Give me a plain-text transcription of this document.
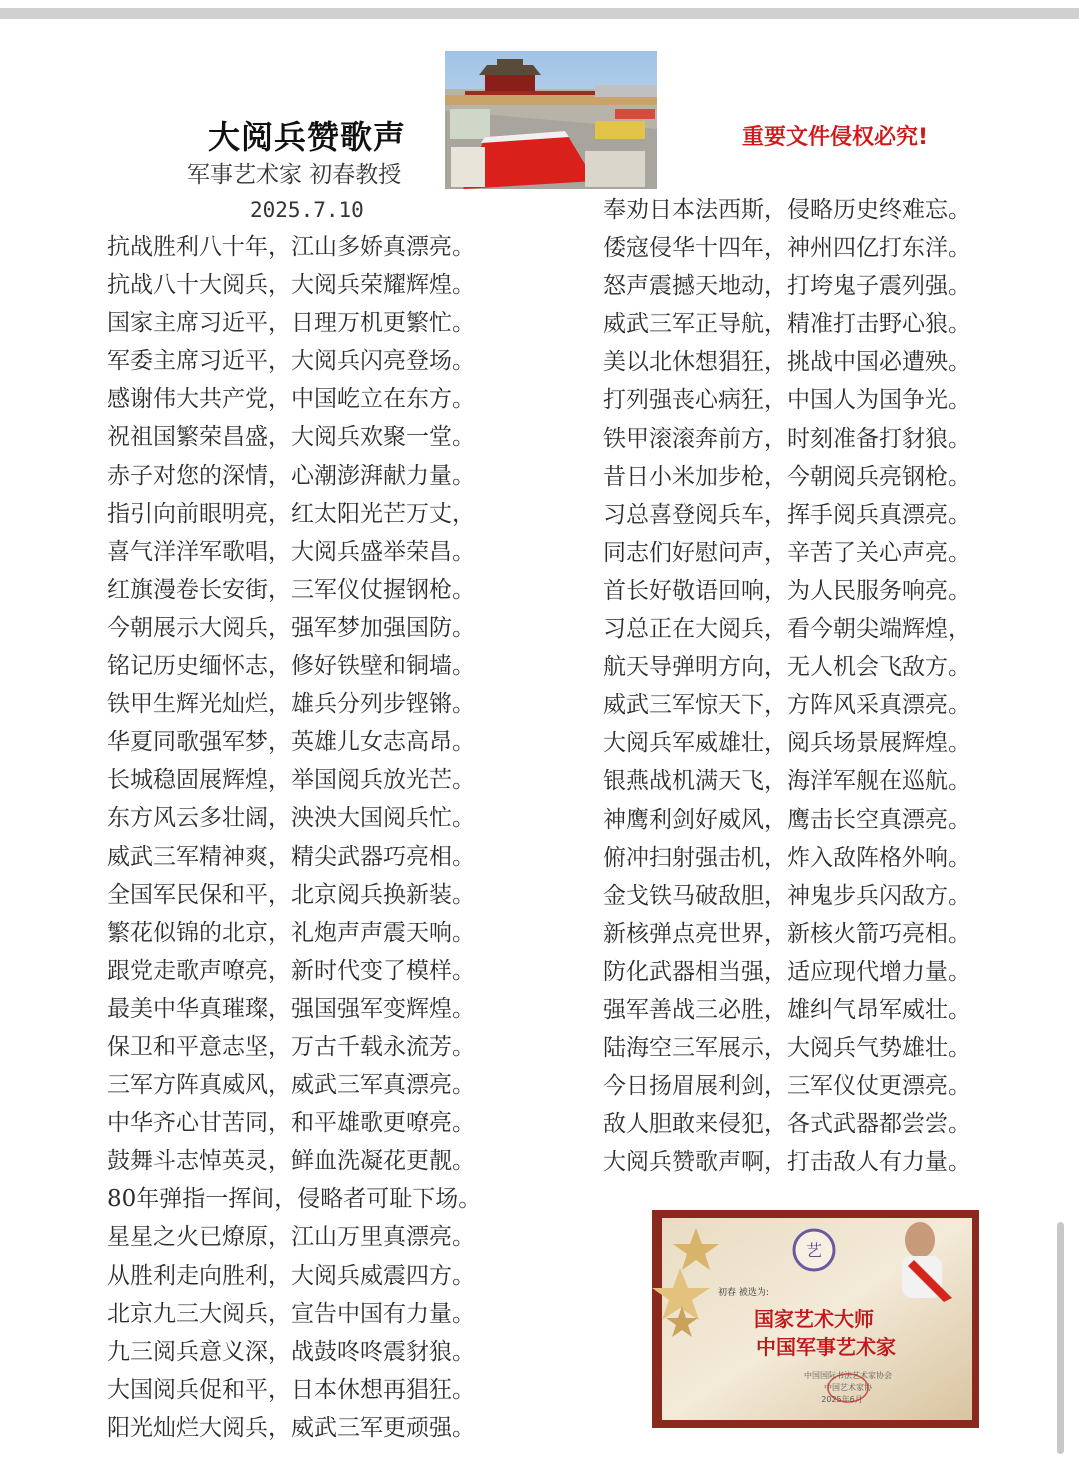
大阅兵赞歌声
军事艺术家 初春教授
2025.7.10
重要文件侵权必究!
抗战胜利八十年，江山多娇真漂亮。
抗战八十大阅兵，大阅兵荣耀辉煌。
国家主席习近平，日理万机更繁忙。
军委主席习近平，大阅兵闪亮登场。
感谢伟大共产党，中国屹立在东方。
祝祖国繁荣昌盛，大阅兵欢聚一堂。
赤子对您的深情，心潮澎湃献力量。
指引向前眼明亮，红太阳光芒万丈，
喜气洋洋军歌唱，大阅兵盛举荣昌。
红旗漫卷长安街，三军仪仗握钢枪。
今朝展示大阅兵，强军梦加强国防。
铭记历史缅怀志，修好铁壁和铜墙。
铁甲生辉光灿烂，雄兵分列步铿锵。
华夏同歌强军梦，英雄儿女志高昂。
长城稳固展辉煌，举国阅兵放光芒。
东方风云多壮阔，泱泱大国阅兵忙。
威武三军精神爽，精尖武器巧亮相。
全国军民保和平，北京阅兵换新装。
繁花似锦的北京，礼炮声声震天响。
跟党走歌声嘹亮，新时代变了模样。
最美中华真璀璨，强国强军变辉煌。
保卫和平意志坚，万古千载永流芳。
三军方阵真威风，威武三军真漂亮。
中华齐心甘苦同，和平雄歌更嘹亮。
鼓舞斗志悼英灵，鲜血洗凝花更靓。
80年弹指一挥间，侵略者可耻下场。
星星之火已燎原，江山万里真漂亮。
从胜利走向胜利，大阅兵威震四方。
北京九三大阅兵，宣告中国有力量。
九三阅兵意义深，战鼓咚咚震豺狼。
大国阅兵促和平，日本休想再猖狂。
阳光灿烂大阅兵，威武三军更顽强。
奉劝日本法西斯，侵略历史终难忘。
倭寇侵华十四年，神州四亿打东洋。
怒声震撼天地动，打垮鬼子震列强。
威武三军正导航，精准打击野心狼。
美以北休想猖狂，挑战中国必遭殃。
打列强丧心病狂，中国人为国争光。
铁甲滚滚奔前方，时刻准备打豺狼。
昔日小米加步枪，今朝阅兵亮钢枪。
习总喜登阅兵车，挥手阅兵真漂亮。
同志们好慰问声，辛苦了关心声亮。
首长好敬语回响，为人民服务响亮。
习总正在大阅兵，看今朝尖端辉煌，
航天导弹明方向，无人机会飞敌方。
威武三军惊天下，方阵风采真漂亮。
大阅兵军威雄壮，阅兵场景展辉煌。
银燕战机满天飞，海洋军舰在巡航。
神鹰利剑好威风，鹰击长空真漂亮。
俯冲扫射强击机，炸入敌阵格外响。
金戈铁马破敌胆，神鬼步兵闪敌方。
新核弹点亮世界，新核火箭巧亮相。
防化武器相当强，适应现代增力量。
强军善战三必胜，雄纠气昂军威壮。
陆海空三军展示，大阅兵气势雄壮。
今日扬眉展利剑，三军仪仗更漂亮。
敌人胆敢来侵犯，各式武器都尝尝。
大阅兵赞歌声啊，打击敌人有力量。
艺
初春 被选为:
国家艺术大师
中国军事艺术家
中国国际书法艺术家协会
中国艺术家协
2025年6月
